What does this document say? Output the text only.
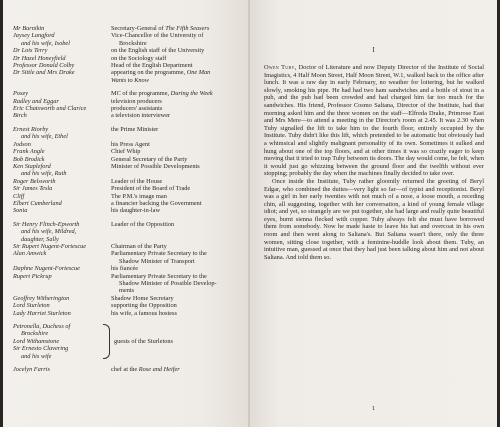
Mr Burnikin	Secretary-General of The Fifth Seasers
Jaysey Langford	Vice-Chancellor of the University of
and his wife, Isobel	Brockshire
Dr Lois Terry	on the English staff of the University
Dr Hazel Honeyfield	on the Sociology staff
Professor Donald Colby	Head of the English Department
Dr Sittle and Mrs Drake	appearing on the programme, One Man
Wants to Know
Posey	MC of the programme, During the Week
Radley and Eggar	television producers
Eric Chatsworth and Clarice	producers' assistants
Birch	a television interviewer
Ernest Riorby	the Prime Minister
and his wife, Ethel
Jodson	his Press Agent
Frank Angle	Chief Whip
Bob Brodick	General Secretary of the Party
Ken Stapleford	Minister of Possible Developments
and his wife, Ruth
Roger Belsworth	Leader of the House
Sir James Tesla	President of the Board of Trade
Cliff	The P.M.'s image man
Elbert Cumberland	a financier backing the Government
Sonia	his daughter-in-law
Sir Henry Flinch-Epworth	Leader of the Opposition
and his wife, Mildred,
daughter, Sally
Sir Rupert Nugent-Fortescue	Chairman of the Party
Alan Amwick	Parliamentary Private Secretary to the
Shadow Minister of Transport
Daphne Nugent-Fortescue	his fiancée
Rupert Pickrup	Parliamentary Private Secretary to the
Shadow Minister of Possible Develop-
ments
Geoffrey Witherington	Shadow Home Secretary
Lord Sturleton	supporting the Opposition
Lady Harriet Sturleton	his wife, a famous hostess
Petronella, Duchess of
Brockshire
Lord Withamstone
Sir Ernesto Clavering
and his wife
guests of the Sturletons
Jocelyn Farris	chef at the Rose and Heifer
I

Owen Tuby, Doctor of Literature and now Deputy Director of the Institute of Social Imagistics, 4 Half Moon Street, Half Moon Street, W.1, walked back to the office after lunch. It was a raw day in early February, no weather for loitering, but he walked slowly, smoking his pipe. He had had two ham sandwiches and a bottle of stout in a pub, and the pub had been crowded and had charged him far too much for the sandwiches. His friend, Professor Cosmo Saltana, Director of the Institute, had that morning asked him and the three women on the staff—Elfreda Drake, Primrose East and Mrs Mere—to attend a meeting in the Director's room at 2.45. It was 2.30 when Tuby signalled the lift to take him to the fourth floor, entirely occupied by the Institute. Tuby didn't like this lift, which pretended to be automatic but obviously had a whimsical and slightly malignant personality of its own. Sometimes it sulked and hung about one of the top floors, and at other times it was so crazily eager to keep moving that it tried to trap Tuby between its doors. The day would come, he felt, when it would just go whizzing between the ground floor and the twelfth without ever stopping; probably the day when the machines finally decided to take over.

Once inside the Institute, Tuby rather gloomily returned the greeting of Beryl Edgar, who combined the duties—very light so far—of typist and receptionist. Beryl was a girl in her early twenties with not much of a nose, a loose mouth, a receding chin, all suggesting, together with her conversation, a kind of young female village idiot; and yet, so strangely are we put together, she had large and really quite beautiful eyes, burnt sienna flecked with copper. Tuby always felt she must have borrowed them from somebody. Now he made haste to leave his hat and overcoat in his own room and then went along to Saltana's. But Saltana wasn't there, only the three women, sitting close together, with a feminine-huddle look about them. Tuby, an intuitive man, guessed at once that they had just been talking about him and not about Saltana. And told them so.

1
